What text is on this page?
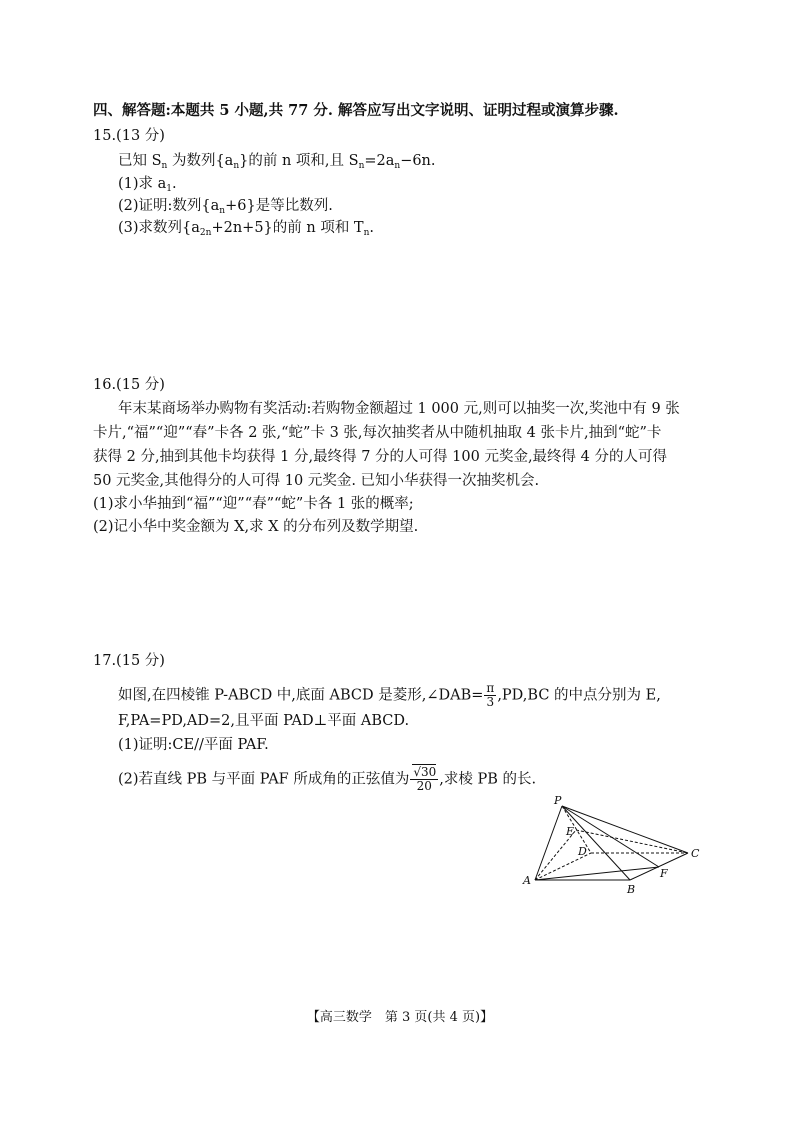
四、解答题:本题共 5 小题,共 77 分. 解答应写出文字说明、证明过程或演算步骤.
15.(13 分)
已知 $S_n$ 为数列$\{a_n\}$的前 n 项和,且 $S_n=2a_n-6n$.
(1)求 $a_1$.
(2)证明:数列$\{a_n+6\}$是等比数列.
(3)求数列$\{a_{2n}+2n+5\}$的前 n 项和 $T_n$.
16.(15 分)
年末某商场举办购物有奖活动:若购物金额超过 1 000 元,则可以抽奖一次,奖池中有 9 张
卡片,“福”“迎”“春”卡各 2 张,“蛇”卡 3 张,每次抽奖者从中随机抽取 4 张卡片,抽到“蛇”卡
获得 2 分,抽到其他卡均获得 1 分,最终得 7 分的人可得 100 元奖金,最终得 4 分的人可得
50 元奖金,其他得分的人可得 10 元奖金. 已知小华获得一次抽奖机会.
(1)求小华抽到“福”“迎”“春”“蛇”卡各 1 张的概率;
(2)记小华中奖金额为 X,求 X 的分布列及数学期望.
17.(15 分)
如图,在四棱锥 P-ABCD 中,底面 ABCD 是菱形,∠DAB= $\frac{\pi}{3} ,PD,BC$ 的中点分别为 E,
F,PA=PD,AD=2,且平面 PAD⊥平面 ABCD.
(1)证明:CE//平面 PAF.
(2)若直线 PB 与平面 PAF 所成角的正弦值为 $\frac{√30}{20}$ ,求棱 PB 的长.
P
E
D	C
A
F
B
【高三数学　第 3 页(共 4 页)】
